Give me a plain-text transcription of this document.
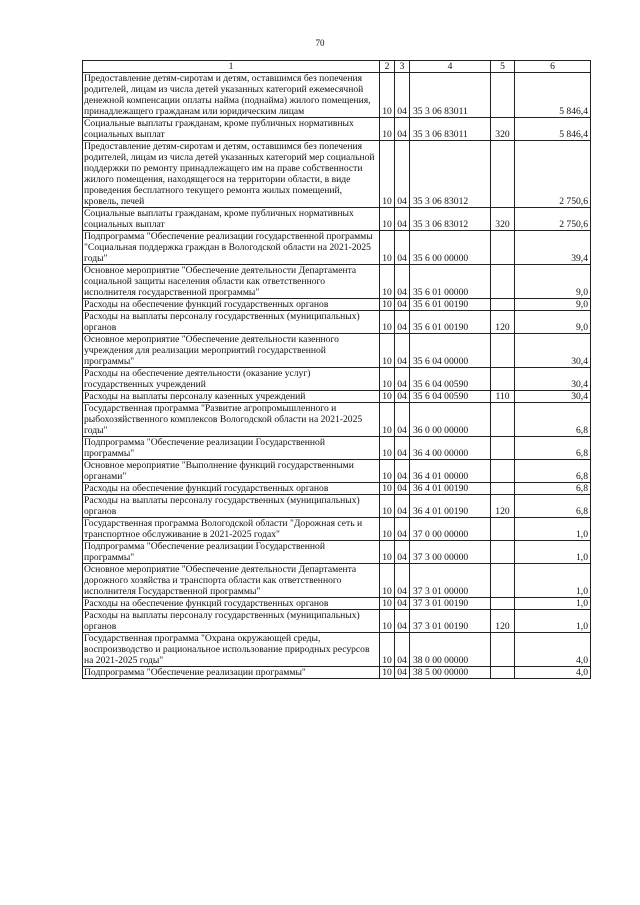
70
1	2	3	4	5	6
Предоставление детям-сиротам и детям, оставшимся без попечения родителей, лицам из числа детей указанных категорий ежемесячной денежной компенсации оплаты найма (поднайма) жилого помещения, принадлежащего гражданам или юридическим лицам	10	04	35 3 06 83011		5 846,4
Социальные выплаты гражданам, кроме публичных нормативных социальных выплат	10	04	35 3 06 83011	320	5 846,4
Предоставление детям-сиротам и детям, оставшимся без попечения родителей, лицам из числа детей указанных категорий мер социальной поддержки по ремонту принадлежащего им на праве собственности жилого помещения, находящегося на территории области, в виде проведения бесплатного текущего ремонта жилых помещений, кровель, печей	10	04	35 3 06 83012		2 750,6
Социальные выплаты гражданам, кроме публичных нормативных социальных выплат	10	04	35 3 06 83012	320	2 750,6
Подпрограмма "Обеспечение реализации государственной программы "Социальная поддержка граждан в Вологодской области на 2021-2025 годы"	10	04	35 6 00 00000		39,4
Основное мероприятие "Обеспечение деятельности Департамента социальной защиты населения области как ответственного исполнителя государственной программы"	10	04	35 6 01 00000		9,0
Расходы на обеспечение функций государственных органов	10	04	35 6 01 00190		9,0
Расходы на выплаты персоналу государственных (муниципальных) органов	10	04	35 6 01 00190	120	9,0
Основное мероприятие "Обеспечение деятельности казенного учреждения для реализации мероприятий государственной программы"	10	04	35 6 04 00000		30,4
Расходы на обеспечение деятельности (оказание услуг) государственных учреждений	10	04	35 6 04 00590		30,4
Расходы на выплаты персоналу казенных учреждений	10	04	35 6 04 00590	110	30,4
Государственная программа "Развитие агропромышленного и рыбохозяйственного комплексов Вологодской области на 2021-2025 годы"	10	04	36 0 00 00000		6,8
Подпрограмма "Обеспечение реализации Государственной программы"	10	04	36 4 00 00000		6,8
Основное мероприятие "Выполнение функций государственными органами"	10	04	36 4 01 00000		6,8
Расходы на обеспечение функций государственных органов	10	04	36 4 01 00190		6,8
Расходы на выплаты персоналу государственных (муниципальных) органов	10	04	36 4 01 00190	120	6,8
Государственная программа Вологодской области "Дорожная сеть и транспортное обслуживание в 2021-2025 годах"	10	04	37 0 00 00000		1,0
Подпрограмма "Обеспечение реализации Государственной программы"	10	04	37 3 00 00000		1,0
Основное мероприятие "Обеспечение деятельности Департамента дорожного хозяйства и транспорта области как ответственного исполнителя Государственной программы"	10	04	37 3 01 00000		1,0
Расходы на обеспечение функций государственных органов	10	04	37 3 01 00190		1,0
Расходы на выплаты персоналу государственных (муниципальных) органов	10	04	37 3 01 00190	120	1,0
Государственная программа "Охрана окружающей среды, воспроизводство и рациональное использование природных ресурсов на 2021-2025 годы"	10	04	38 0 00 00000		4,0
Подпрограмма "Обеспечение реализации программы"	10	04	38 5 00 00000		4,0
